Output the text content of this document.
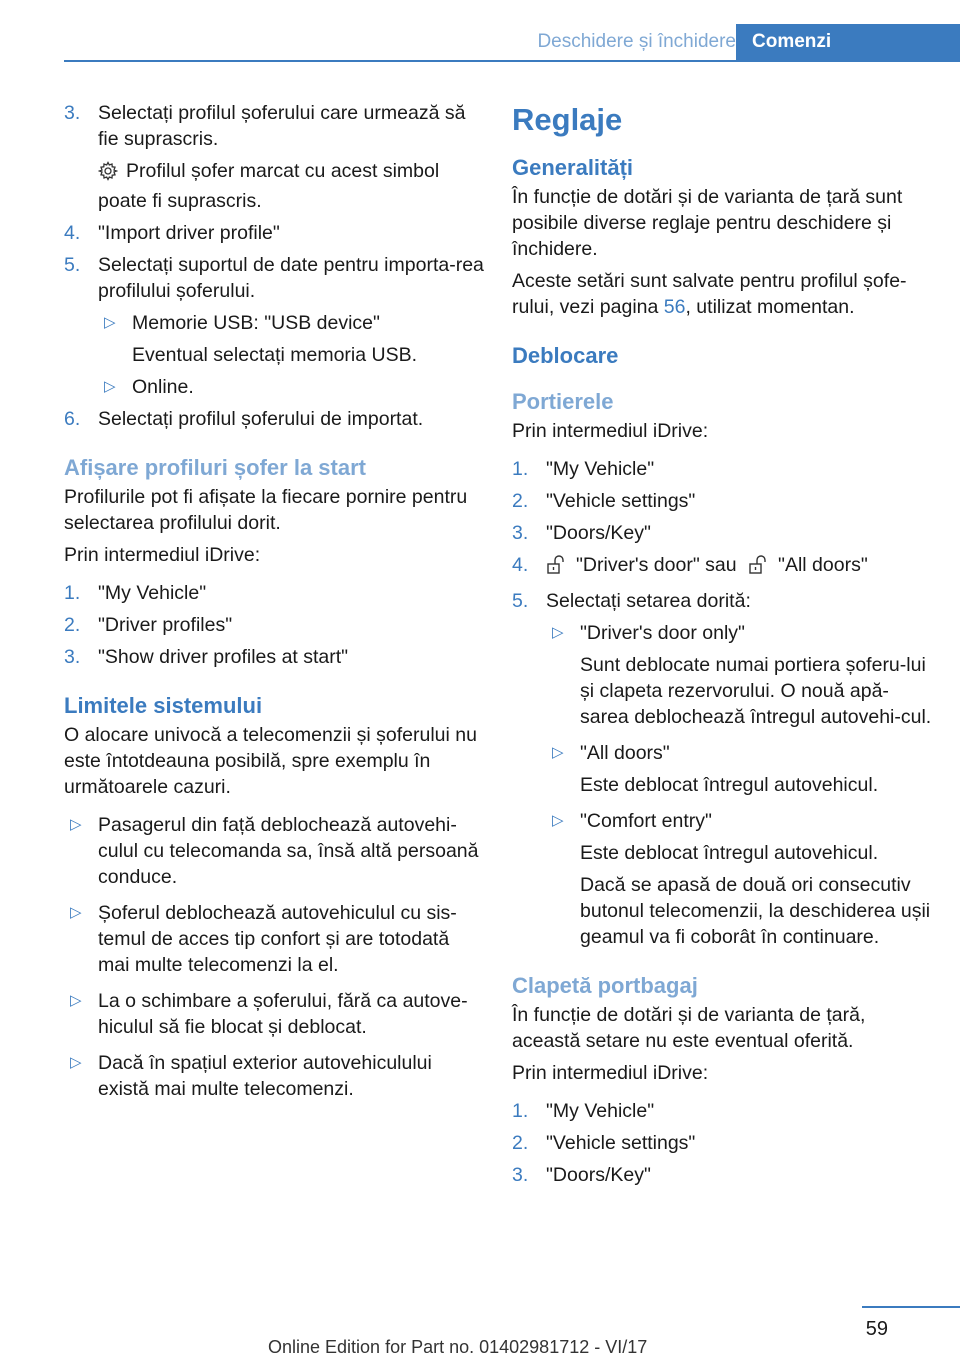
Deschidere și închidere Comenzi
3. Selectați profilul șoferului care urmează să fie suprascris.
Profilul șofer marcat cu acest simbol poate fi suprascris.
4. "Import driver profile"
5. Selectați suportul de date pentru importa‐rea profilului șoferului.
▷ Memorie USB: "USB device"
Eventual selectați memoria USB.
▷ Online.
6. Selectați profilul șoferului de importat.
Afișare profiluri șofer la start

Profilurile pot fi afișate la fiecare pornire pentru selectarea profilului dorit.

Prin intermediul iDrive:

1. "My Vehicle"
2. "Driver profiles"
3. "Show driver profiles at start"
Limitele sistemului

O alocare univocă a telecomenzii și șoferului nu este întotdeauna posibilă, spre exemplu în următoarele cazuri.

▷ Pasagerul din față deblochează autovehi‐culul cu telecomanda sa, însă altă persoană conduce.
▷ Șoferul deblochează autovehiculul cu sis‐temul de acces tip confort și are totodată mai multe telecomenzi la el.
▷ La o schimbare a șoferului, fără ca autove‐hiculul să fie blocat și deblocat.
▷ Dacă în spațiul exterior autovehiculului există mai multe telecomenzi.
Reglaje
Generalități

În funcție de dotări și de varianta de țară sunt posibile diverse reglaje pentru deschidere și închidere.

Aceste setări sunt salvate pentru profilul șofe‐rului, vezi pagina 56, utilizat momentan.

Deblocare
Portierele

Prin intermediul iDrive:

1. "My Vehicle"
2. "Vehicle settings"
3. "Doors/Key"
4. "Driver's door" sau "All doors"
5. Selectați setarea dorită:
▷ "Driver's door only"
Sunt deblocate numai portiera șoferu‐lui și clapeta rezervorului. O nouă apă‐sarea deblochează întregul autovehi‐cul.
▷ "All doors"
Este deblocat întregul autovehicul.
▷ "Comfort entry"
Este deblocat întregul autovehicul.
Dacă se apasă de două ori consecutiv butonul telecomenzii, la deschiderea ușii geamul va fi coborât în continuare.
Clapetă portbagaj

În funcție de dotări și de varianta de țară, această setare nu este eventual oferită.

Prin intermediul iDrive:

1. "My Vehicle"
2. "Vehicle settings"
3. "Doors/Key"
59
Online Edition for Part no. 01402981712 - VI/17
